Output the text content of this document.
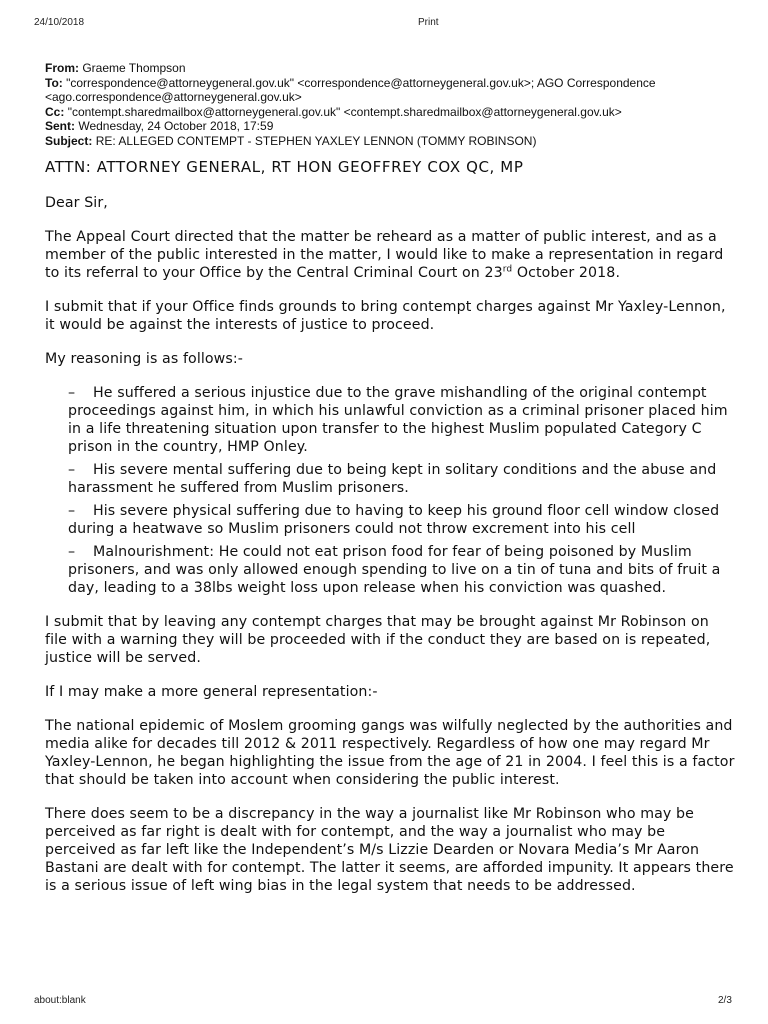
24/10/2018	Print
From: Graeme Thompson
To: "correspondence@attorneygeneral.gov.uk" <correspondence@attorneygeneral.gov.uk>; AGO Correspondence <ago.correspondence@attorneygeneral.gov.uk>
Cc: "contempt.sharedmailbox@attorneygeneral.gov.uk" <contempt.sharedmailbox@attorneygeneral.gov.uk>
Sent: Wednesday, 24 October 2018, 17:59
Subject: RE: ALLEGED CONTEMPT - STEPHEN YAXLEY LENNON (TOMMY ROBINSON)
ATTN: ATTORNEY GENERAL, RT HON GEOFFREY COX QC, MP

Dear Sir,

The Appeal Court directed that the matter be reheard as a matter of public interest, and as a member of the public interested in the matter, I would like to make a representation in regard to its referral to your Office by the Central Criminal Court on 23rd October 2018.

I submit that if your Office finds grounds to bring contempt charges against Mr Yaxley-Lennon, it would be against the interests of justice to proceed.

My reasoning is as follows:-

– He suffered a serious injustice due to the grave mishandling of the original contempt proceedings against him, in which his unlawful conviction as a criminal prisoner placed him in a life threatening situation upon transfer to the highest Muslim populated Category C prison in the country, HMP Onley.
– His severe mental suffering due to being kept in solitary conditions and the abuse and harassment he suffered from Muslim prisoners.
– His severe physical suffering due to having to keep his ground floor cell window closed during a heatwave so Muslim prisoners could not throw excrement into his cell
– Malnourishment: He could not eat prison food for fear of being poisoned by Muslim prisoners, and was only allowed enough spending to live on a tin of tuna and bits of fruit a day, leading to a 38lbs weight loss upon release when his conviction was quashed.

I submit that by leaving any contempt charges that may be brought against Mr Robinson on file with a warning they will be proceeded with if the conduct they are based on is repeated, justice will be served.

If I may make a more general representation:-

The national epidemic of Moslem grooming gangs was wilfully neglected by the authorities and media alike for decades till 2012 & 2011 respectively. Regardless of how one may regard Mr Yaxley-Lennon, he began highlighting the issue from the age of 21 in 2004. I feel this is a factor that should be taken into account when considering the public interest.

There does seem to be a discrepancy in the way a journalist like Mr Robinson who may be perceived as far right is dealt with for contempt, and the way a journalist who may be perceived as far left like the Independent’s M/s Lizzie Dearden or Novara Media’s Mr Aaron Bastani are dealt with for contempt. The latter it seems, are afforded impunity. It appears there is a serious issue of left wing bias in the legal system that needs to be addressed.

about:blank	2/3
